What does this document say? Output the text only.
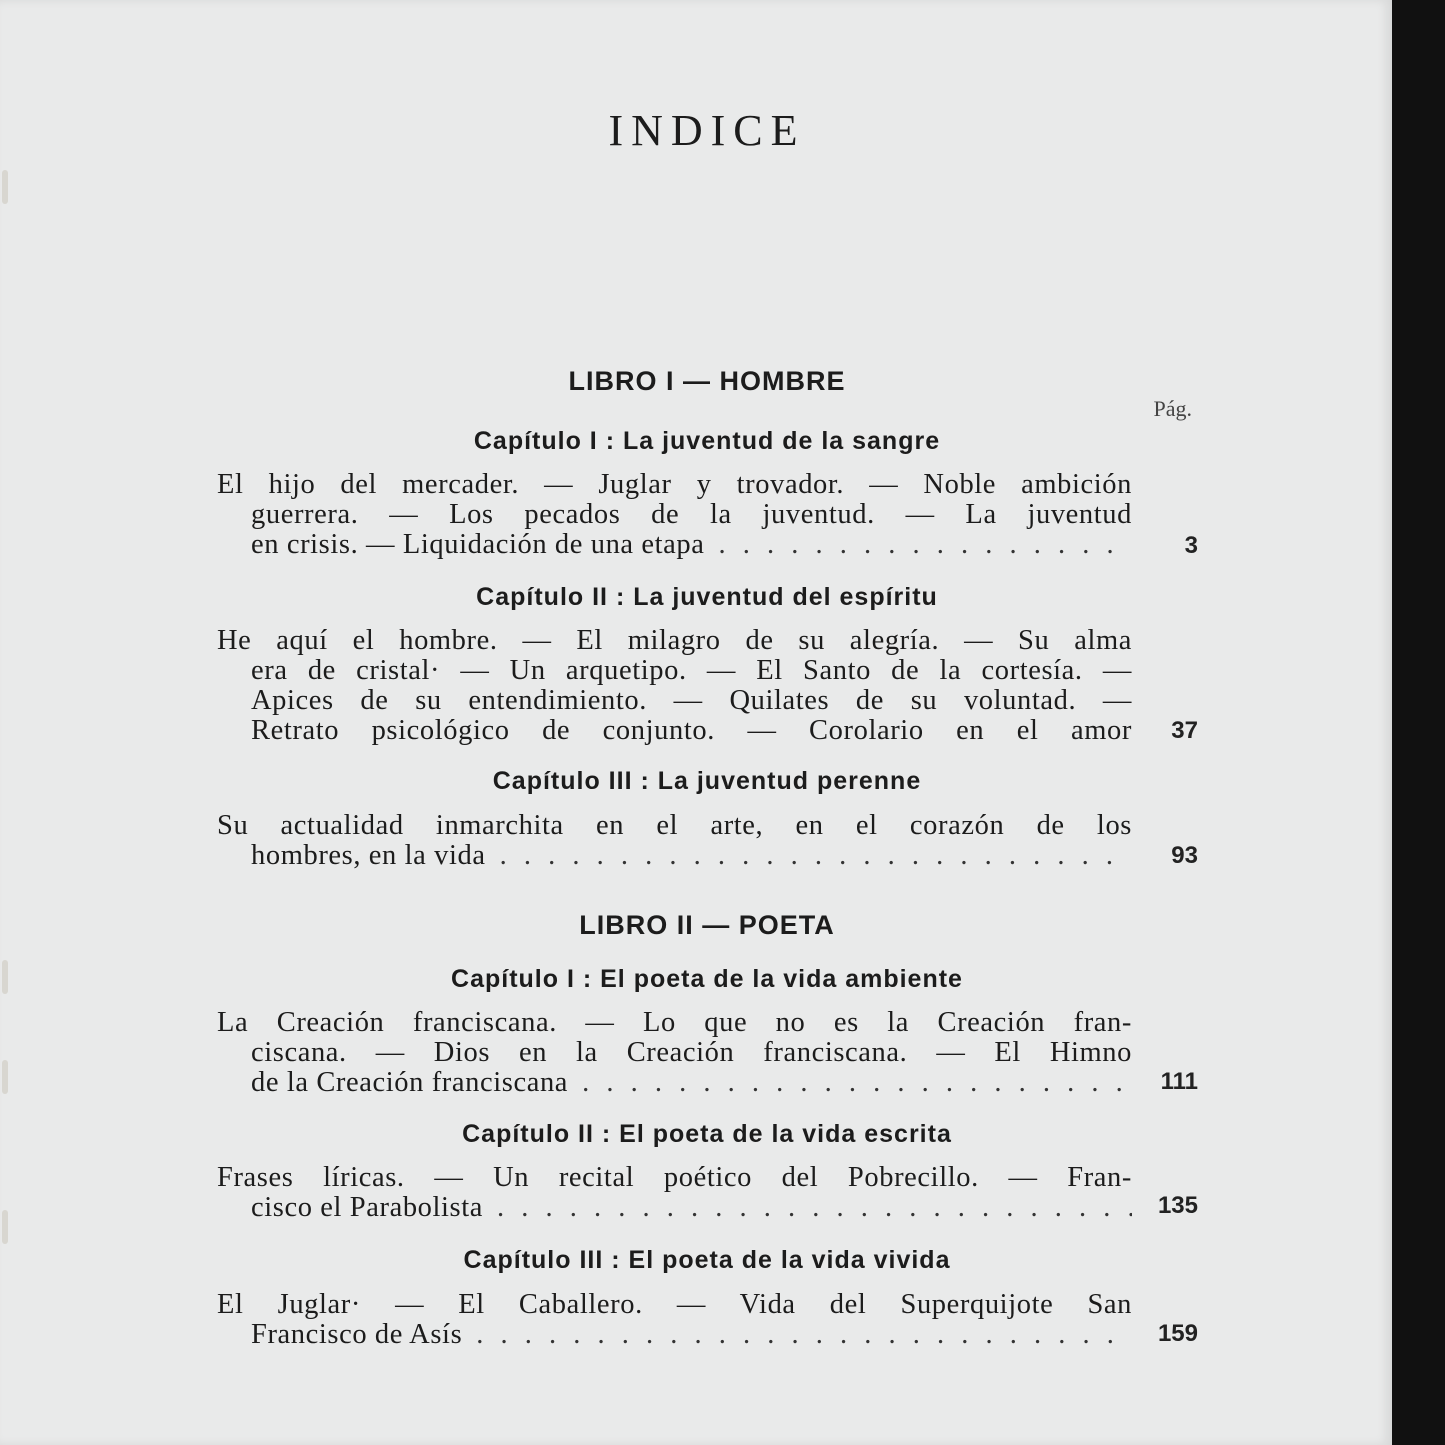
INDICE
LIBRO I — HOMBRE
Pág.
Capítulo I : La juventud de la sangre
El hijo del mercader. — Juglar y trovador. — Noble ambición
guerrera. — Los pecados de la juventud. — La juventud
en crisis. — Liquidación de una etapa . . .	3
Capítulo II : La juventud del espíritu
He aquí el hombre. — El milagro de su alegría. — Su alma
era de cristal· — Un arquetipo. — El Santo de la cortesía. —
Apices de su entendimiento. — Quilates de su voluntad. —
Retrato psicológico de conjunto. — Corolario en el amor	37
Capítulo III : La juventud perenne
Su actualidad inmarchita en el arte, en el corazón de los
hombres, en la vida . . .	93
LIBRO II — POETA
Capítulo I : El poeta de la vida ambiente
La Creación franciscana. — Lo que no es la Creación fran-
ciscana. — Dios en la Creación franciscana. — El Himno
de la Creación franciscana . . .	111
Capítulo II : El poeta de la vida escrita
Frases líricas. — Un recital poético del Pobrecillo. — Fran-
cisco el Parabolista . . .	135
Capítulo III : El poeta de la vida vivida
El Juglar· — El Caballero. — Vida del Superquijote San
Francisco de Asís . . .	159
